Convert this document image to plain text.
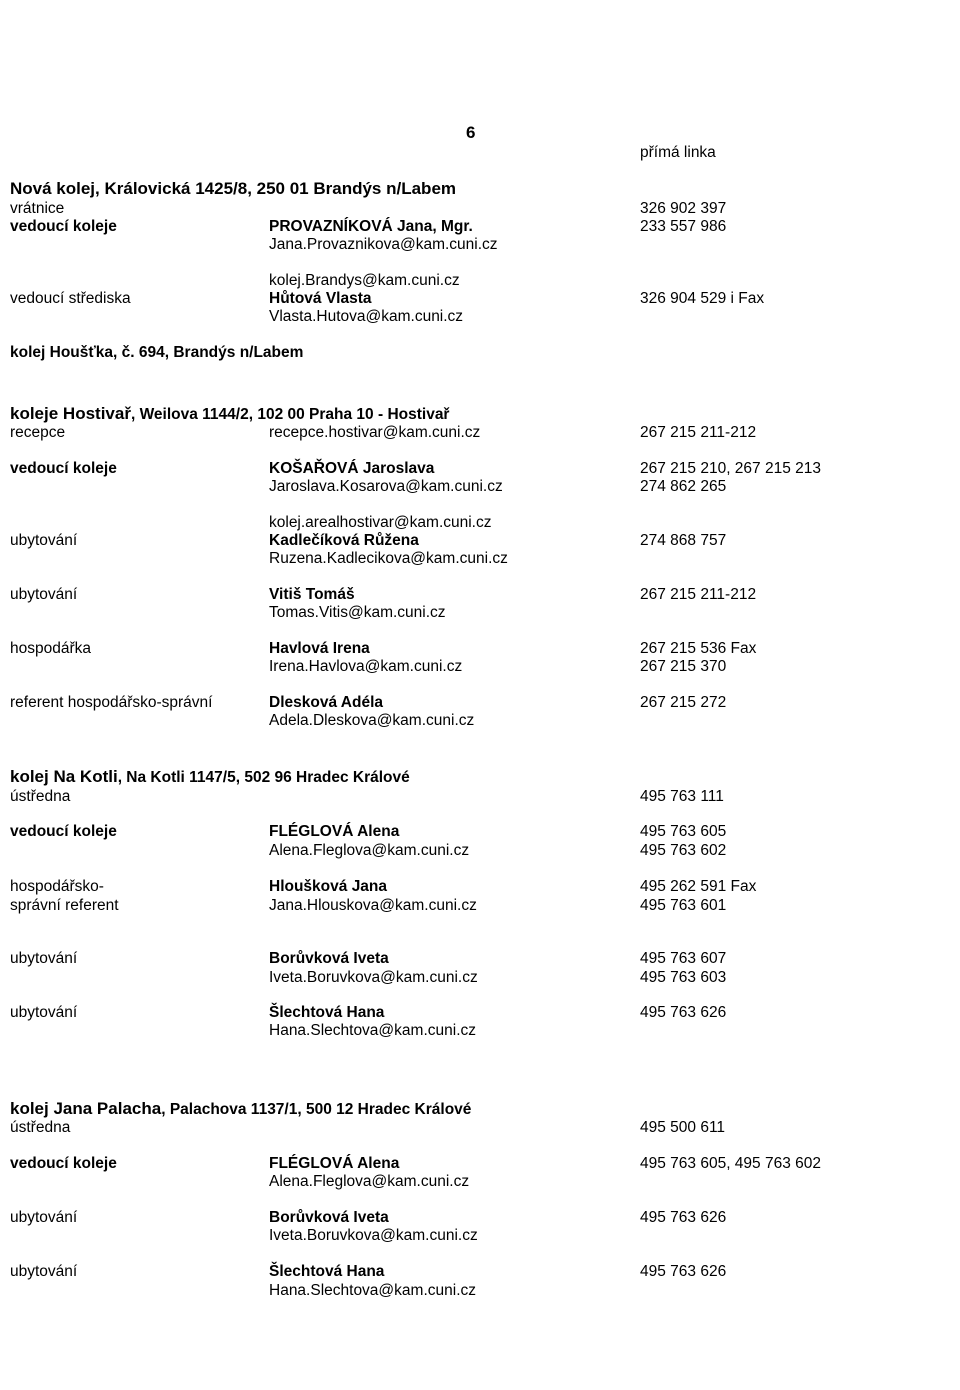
6
přímá linka
Nová kolej, Královická 1425/8, 250 01 Brandýs n/Labem
vrátnice	326 902 397
vedoucí koleje	PROVAZNÍKOVÁ Jana, Mgr.	233 557 986
Jana.Provaznikova@kam.cuni.cz
kolej.Brandys@kam.cuni.cz
vedoucí střediska	Hůtová Vlasta	326 904 529 i Fax
Vlasta.Hutova@kam.cuni.cz
kolej Houšťka, č. 694, Brandýs n/Labem
koleje Hostivař, Weilova 1144/2, 102 00 Praha 10 - Hostivař
recepce	recepce.hostivar@kam.cuni.cz	267 215 211-212
vedoucí koleje	KOŠAŘOVÁ Jaroslava	267 215 210, 267 215 213
Jaroslava.Kosarova@kam.cuni.cz	274 862 265
kolej.arealhostivar@kam.cuni.cz
ubytování	Kadlečíková Růžena	274 868 757
Ruzena.Kadlecikova@kam.cuni.cz
ubytování	Vitiš Tomáš	267 215 211-212
Tomas.Vitis@kam.cuni.cz
hospodářka	Havlová Irena	267 215 536 Fax
Irena.Havlova@kam.cuni.cz	267 215 370
referent hospodářsko-správní	Dlesková Adéla	267 215 272
Adela.Dleskova@kam.cuni.cz
kolej Na Kotli, Na Kotli 1147/5, 502 96 Hradec Králové
ústředna	495 763 111
vedoucí koleje	FLÉGLOVÁ Alena	495 763 605
Alena.Fleglova@kam.cuni.cz	495 763 602
hospodářsko-	Hloušková Jana	495 262 591 Fax
správní referent	Jana.Hlouskova@kam.cuni.cz	495 763 601
ubytování	Borůvková Iveta	495 763 607
Iveta.Boruvkova@kam.cuni.cz	495 763 603
ubytování	Šlechtová Hana	495 763 626
Hana.Slechtova@kam.cuni.cz
kolej Jana Palacha, Palachova 1137/1, 500 12 Hradec Králové
ústředna	495 500 611
vedoucí koleje	FLÉGLOVÁ Alena	495 763 605, 495 763 602
Alena.Fleglova@kam.cuni.cz
ubytování	Borůvková Iveta	495 763 626
Iveta.Boruvkova@kam.cuni.cz
ubytování	Šlechtová Hana	495 763 626
Hana.Slechtova@kam.cuni.cz
